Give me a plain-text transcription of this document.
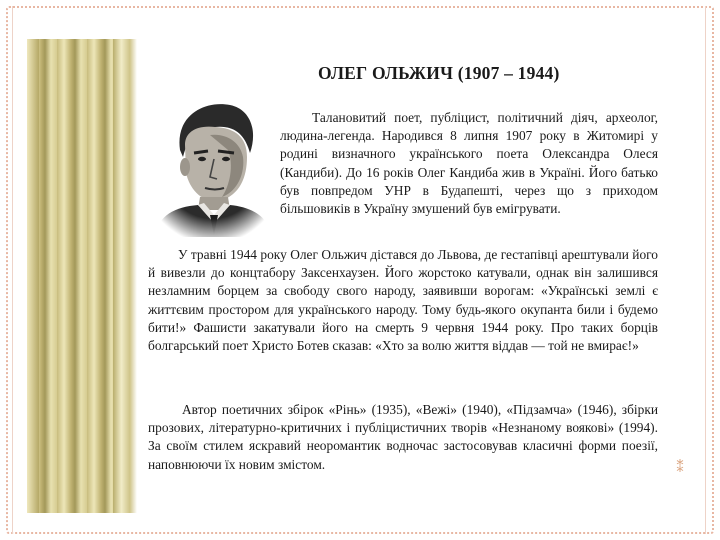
ОЛЕГ ОЛЬЖИЧ (1907 – 1944)

Талановитий поет, публіцист, політичний діяч, археолог, людина-легенда. Народився 8 липня 1907 року в Житомирі у родині визначного українського поета Олександра Олеся (Кандиби). До 16 років Олег Кандиба жив в Україні. Його батько був повпредом УНР в Будапешті, через що з приходом більшовиків в Україну змушений був емігрувати.

У травні 1944 року Олег Ольжич дістався до Львова, де гестапівці арештували його й вивезли до концтабору Заксенхаузен. Його жорстоко катували, однак він залишився незламним борцем за свободу свого народу, заявивши ворогам: «Українські землі є життєвим простором для українського народу. Тому будь-якого окупанта били і будемо бити!» Фашисти закатували його на смерть 9 червня 1944 року. Про таких борців болгарський поет Христо Ботев сказав: «Хто за волю життя віддав — той не вмирає!»

Автор поетичних збірок «Рінь» (1935), «Вежі» (1940), «Підзамча» (1946), збірки прозових, літературно-критичних і публіцистичних творів «Незнаному воякові» (1994). За своїм стилем яскравий неоромантик водночас застосовував класичні форми поезії, наповнюючи їх новим змістом.	⁑
